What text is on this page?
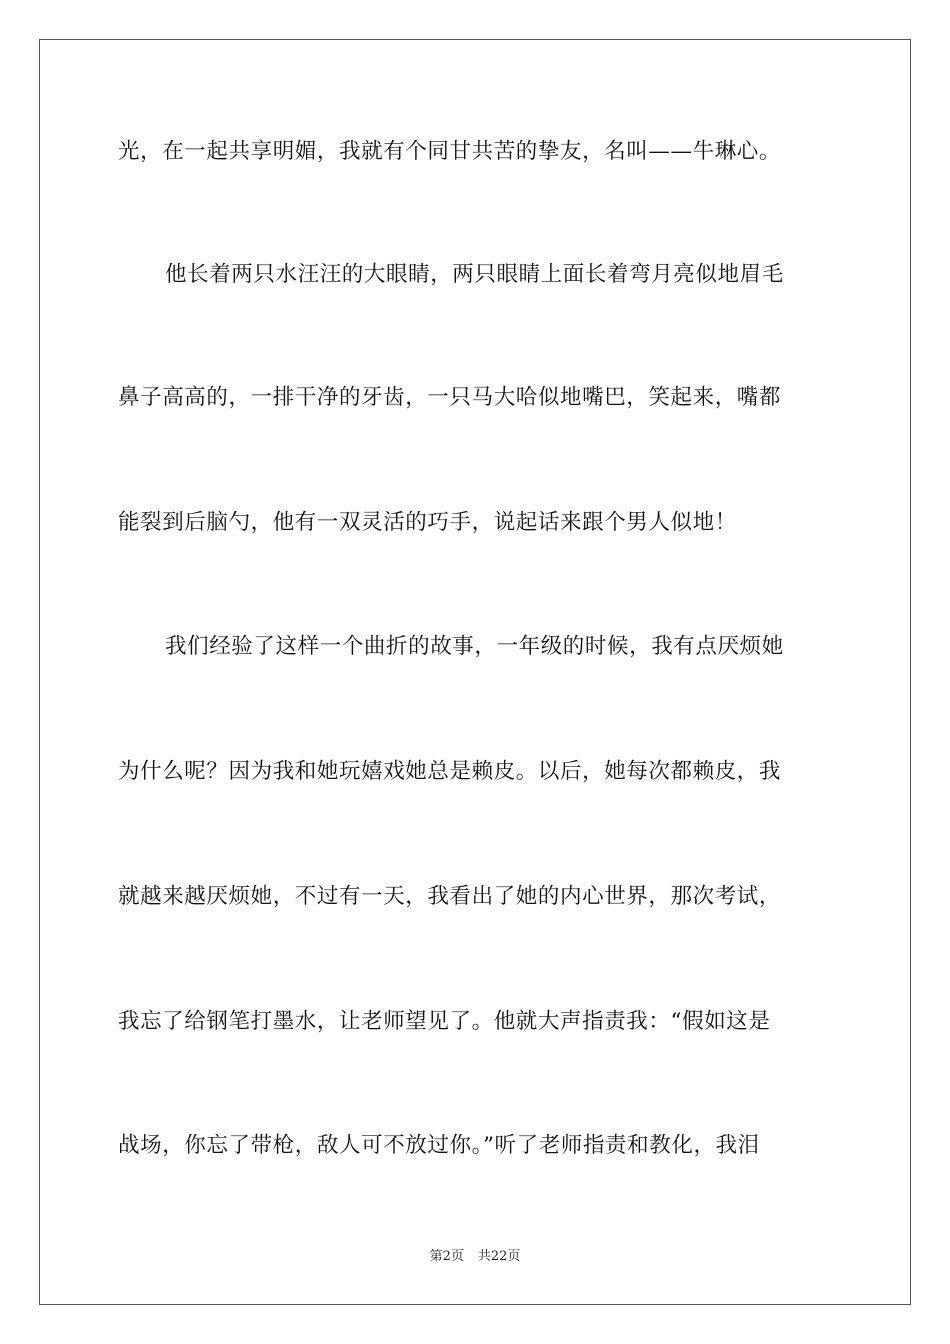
光，在一起共享明媚，我就有个同甘共苦的挚友，名叫——牛琳心。
他长着两只水汪汪的大眼睛，两只眼睛上面长着弯月亮似地眉毛
鼻子高高的，一排干净的牙齿，一只马大哈似地嘴巴，笑起来，嘴都
能裂到后脑勺，他有一双灵活的巧手，说起话来跟个男人似地！
我们经验了这样一个曲折的故事，一年级的时候，我有点厌烦她
为什么呢？因为我和她玩嬉戏她总是赖皮。以后，她每次都赖皮，我
就越来越厌烦她，不过有一天，我看出了她的内心世界，那次考试，
我忘了给钢笔打墨水，让老师望见了。他就大声指责我：“假如这是
战场，你忘了带枪，敌人可不放过你。”听了老师指责和教化，我泪
第2页 共22页
